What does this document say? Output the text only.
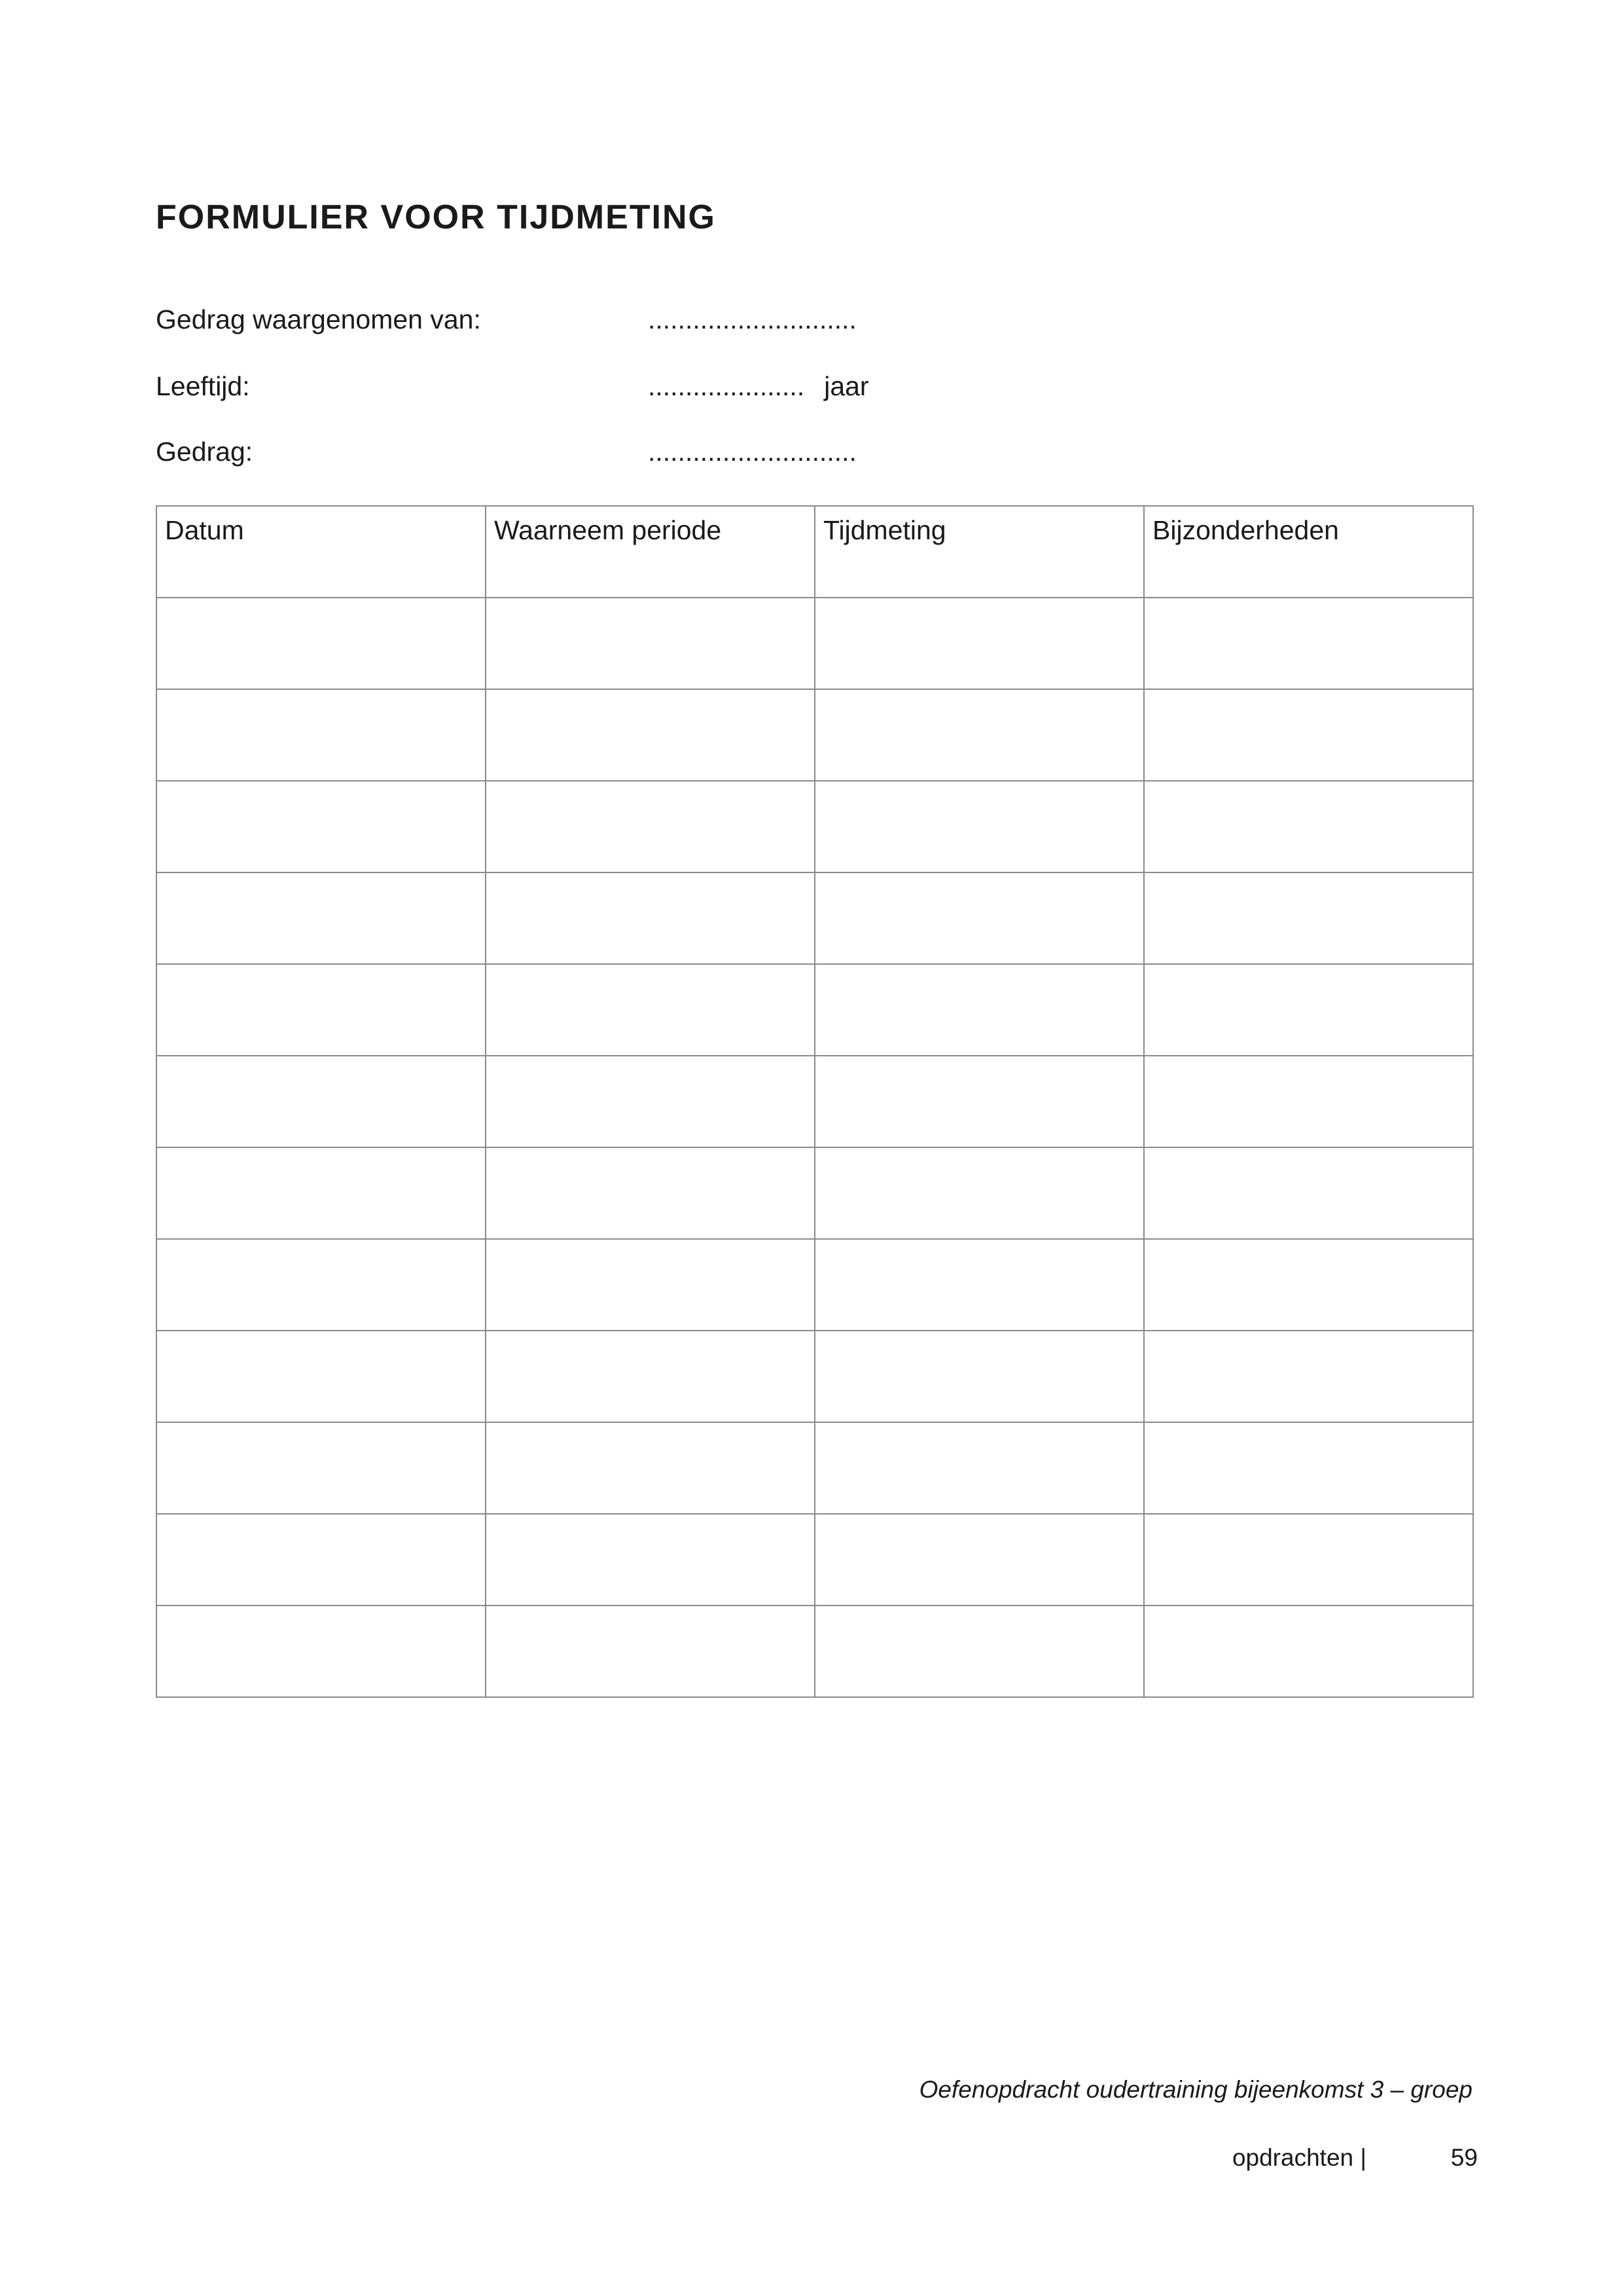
FORMULIER VOOR TIJDMETING
Gedrag waargenomen van:	............................
Leeftijd:	..................... jaar
Gedrag:	............................
Datum	Waarneem periode	Tijdmeting	Bijzonderheden

Oefenopdracht oudertraining bijeenkomst 3 – groep
opdrachten |	59
